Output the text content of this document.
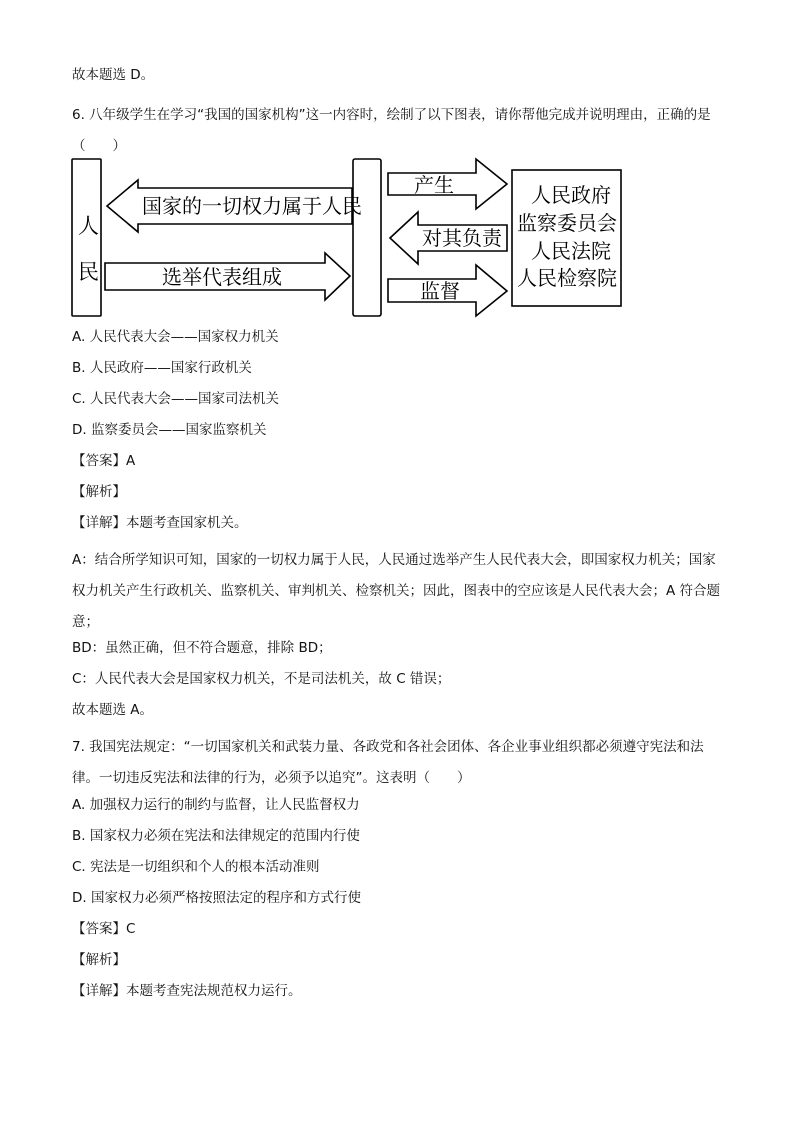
故本题选 D。
6. 八年级学生在学习“我国的国家机构”这一内容时，绘制了以下图表，请你帮他完成并说明理由，正确的是（　　）
人民
国家的一切权力属于人民
选举代表组成
产生
对其负责
监督
人民政府
监察委员会
人民法院
人民检察院
A. 人民代表大会——国家权力机关
B. 人民政府——国家行政机关
C. 人民代表大会——国家司法机关
D. 监察委员会——国家监察机关
【答案】A
【解析】
【详解】本题考查国家机关。
A：结合所学知识可知，国家的一切权力属于人民，人民通过选举产生人民代表大会，即国家权力机关；国家权力机关产生行政机关、监察机关、审判机关、检察机关；因此，图表中的空应该是人民代表大会；A 符合题意；
BD：虽然正确，但不符合题意，排除 BD；
C：人民代表大会是国家权力机关，不是司法机关，故 C 错误；
故本题选 A。
7. 我国宪法规定：“一切国家机关和武装力量、各政党和各社会团体、各企业事业组织都必须遵守宪法和法律。一切违反宪法和法律的行为，必须予以追究”。这表明（　　）
A. 加强权力运行的制约与监督，让人民监督权力
B. 国家权力必须在宪法和法律规定的范围内行使
C. 宪法是一切组织和个人的根本活动准则
D. 国家权力必须严格按照法定的程序和方式行使
【答案】C
【解析】
【详解】本题考查宪法规范权力运行。
